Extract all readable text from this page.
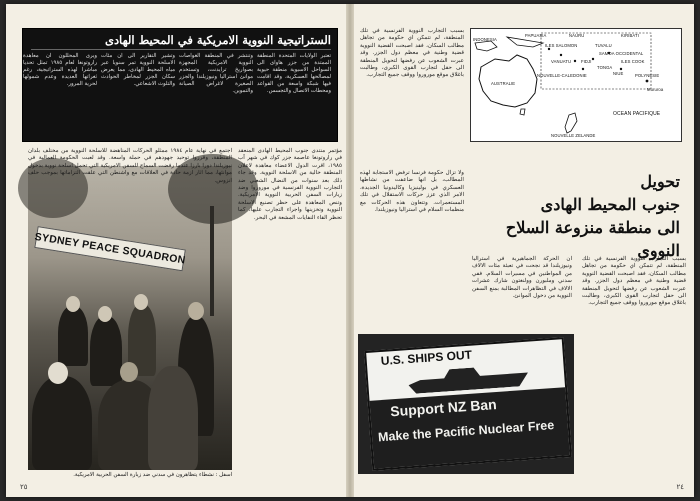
الستراتيجية النووية الامريكية في المحيط الهادى
تعتبر الولايات المتحدة المنطقة الممتدة من جزر هاواى الى السواحل الاسيوية منطقة حيوية لمصالحها العسكرية، وقد اقامت فيها شبكة واسعة من القواعد ومحطات الاتصال والتجسس.
وتنتشر في المنطقة الغواصات النووية الامريكية المجهزة بصواريخ ترايدنت، وتستخدم موانئ استراليا ونيوزيلندا والجزر الصغيرة لاغراض الصيانة والتموين.
وتشير التقارير الى ان مئات الاسلحة النووية تمر سنويا عبر مياه المحيط الهادى، مما يعرض سكان الجزر لمخاطر الحوادث والتلوث الاشعاعي.
ويرى المحللون ان معاهدة راروتونغا لعام ١٩٨٥ تمثل تحديا مباشرا لهذه الستراتيجية، رغم ثغراتها العديدة وعدم شمولها لحرية المرور.
SYDNEY PEACE SQUADRON
مؤتمر منتدى جنوب المحيط الهادى المنعقد في راروتونغا عاصمة جزر كوك في شهر آب ١٩٨٥، اقرت الدول الاعضاء معاهدة لاعلان المنطقة خالية من الاسلحة النووية. وقد جاء ذلك بعد سنوات من النضال الشعبي ضد التجارب النووية الفرنسية في موروروا وضد زيارات السفن الحربية النووية الامريكية. وتنص المعاهدة على حظر تصنيع الاسلحة النووية وتخزينها واجراء التجارب عليها، كما تحظر القاء النفايات المشعة في البحر.
اجتمع في نهاية عام ١٩٨٤ ممثلو الحركات المناهضة للاسلحة النووية من مختلف بلدان المنطقة، وقرروا توحيد جهودهم في حملة واسعة. وقد لعبت الحكومة العمالية في نيوزيلندا دورا بارزا عندما رفضت السماح للسفن الامريكية التي تحمل اسلحة نووية بدخول موانئها، مما اثار ازمة حادة في العلاقات مع واشنطن التي علقت التزاماتها بموجب حلف انزوس.
اسفل : نشطاء يتظاهرون في سدني ضد زيارة السفن الحربية الامريكية.
٢٥
بسبب التجارب النووية الفرنسية في تلك المنطقة، لم تتمكن اي حكومة من تجاهل مطالب السكان، فقد اصبحت القضية النووية قضية وطنية في معظم دول الجزر. وقد عبرت الشعوب عن رفضها لتحويل المنطقة الى حقل لتجارب القوى الكبرى، وطالبت باغلاق موقع موروروا ووقف جميع التجارب.
PAPUASIA	NAURU	KIRIBATI
INDONESIA
ILES SALOMON	TUVALU
SAMOA OCCIDENTAL
VANUATU FIDJI
TONGA
NIUE
NOUVELLE-CALEDONIE
ILES COOK
POLYNESIE
AUSTRALIE
OCEAN PACIFIQUE
Mururoa
NOUVELLE ZELANDE
ولا تزال حكومة فرنسا ترفض الاستجابة لهذه المطالب، بل انها ضاعفت من نشاطها العسكري في بولينيزيا وكاليدونيا الجديدة، الامر الذي عزز حركات الاستقلال في تلك المستعمرات. وتتعاون هذه الحركات مع منظمات السلام في استراليا ونيوزيلندا.
تحويل
جنوب المحيط الهادى
الى منطقة منزوعة السلاح النووى
ان الحركة الجماهيرية في استراليا ونيوزيلندا قد نجحت في تعبئة مئات الالاف من المواطنين في مسيرات السلام. ففي سدني وملبورن وولنغتون شارك عشرات الالاف في التظاهرات المطالبة بمنع السفن النووية من دخول الموانئ.
بسبب التجارب النووية الفرنسية في تلك المنطقة، لم تتمكن اي حكومة من تجاهل مطالب السكان، فقد اصبحت القضية النووية قضية وطنية في معظم دول الجزر. وقد عبرت الشعوب عن رفضها لتحويل المنطقة الى حقل لتجارب القوى الكبرى، وطالبت باغلاق موقع موروروا ووقف جميع التجارب.
U.S. SHIPS OUT
Support NZ Ban
Make the Pacific Nuclear Free
٢٤
